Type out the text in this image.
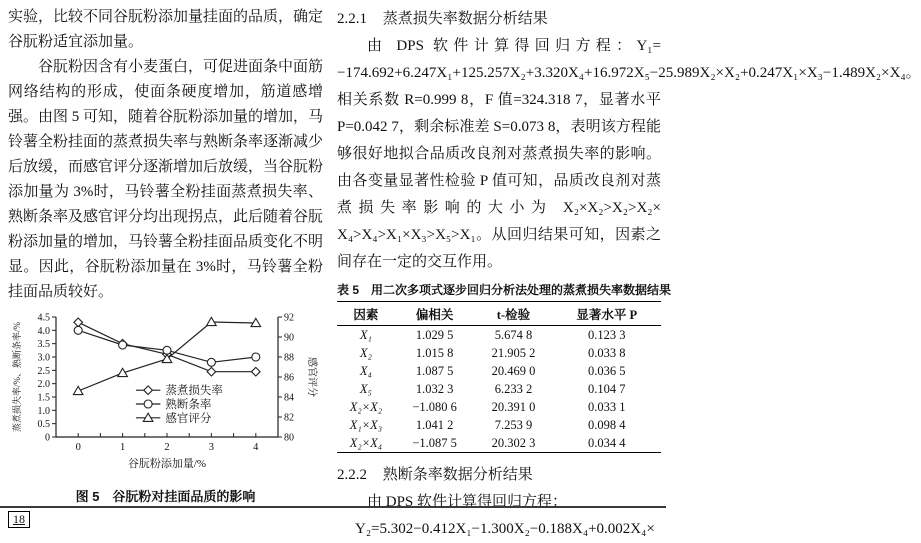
实验，比较不同谷朊粉添加量挂面的品质，确定谷朊粉适宜添加量。

谷朊粉因含有小麦蛋白，可促进面条中面筋网络结构的形成，使面条硬度增加，筋道感增强。由图 5 可知，随着谷朊粉添加量的增加，马铃薯全粉挂面的蒸煮损失率与熟断条率逐渐减少后放缓，而感官评分逐渐增加后放缓，当谷朊粉添加量为 3%时，马铃薯全粉挂面蒸煮损失率、熟断条率及感官评分均出现拐点，此后随着谷朊粉添加量的增加，马铃薯全粉挂面品质变化不明显。因此，谷朊粉添加量在 3%时，马铃薯全粉挂面品质较好。

0
0.5
1.0
1.5
2.0
2.5
3.0
3.5
4.0
4.5
80
82
84
86
88
90
92
0	1	2	3	4
蒸煮损失率
熟断条率
感官评分
蒸煮损失率/%、熟断条率/%	感官评分
谷朊粉添加量/%
图 5　谷朊粉对挂面品质的影响
2.2.1 蒸煮损失率数据分析结果

由 DPS 软件计算得回归方程：Y₁= −174.692+6.247X₁+125.257X₂+3.320X₄+16.972X₅−25.989X₂×X₂+0.247X₁×X₃−1.489X₂×X₄。相关系数 R=0.999 8，F 值=324.318 7，显著水平 P=0.042 7，剩余标准差 S=0.073 8，表明该方程能够很好地拟合品质改良剂对蒸煮损失率的影响。由各变量显著性检验 P 值可知，品质改良剂对蒸煮损失率影响的大小为 X₂×X₂>X₂>X₂× X₄>X₄>X₁×X₃>X₅>X₁。从回归结果可知，因素之间存在一定的交互作用。

表 5　用二次多项式逐步回归分析法处理的蒸煮损失率数据结果
因素	偏相关	t-检验	显著水平 P
X₁	1.029 5	5.674 8	0.123 3
X₂	1.015 8	21.905 2	0.033 8
X₄	1.087 5	20.469 0	0.036 5
X₅	1.032 3	6.233 2	0.104 7
X₂×X₂	−1.080 6	20.391 0	0.033 1
X₁×X₃	1.041 2	7.253 9	0.098 4
X₂×X₄	−1.087 5	20.302 3	0.034 4
2.2.2 熟断条率数据分析结果

由 DPS 软件计算得回归方程：

Y₂=5.302−0.412X₁−1.300X₂−0.188X₄+0.002X₄×

18
